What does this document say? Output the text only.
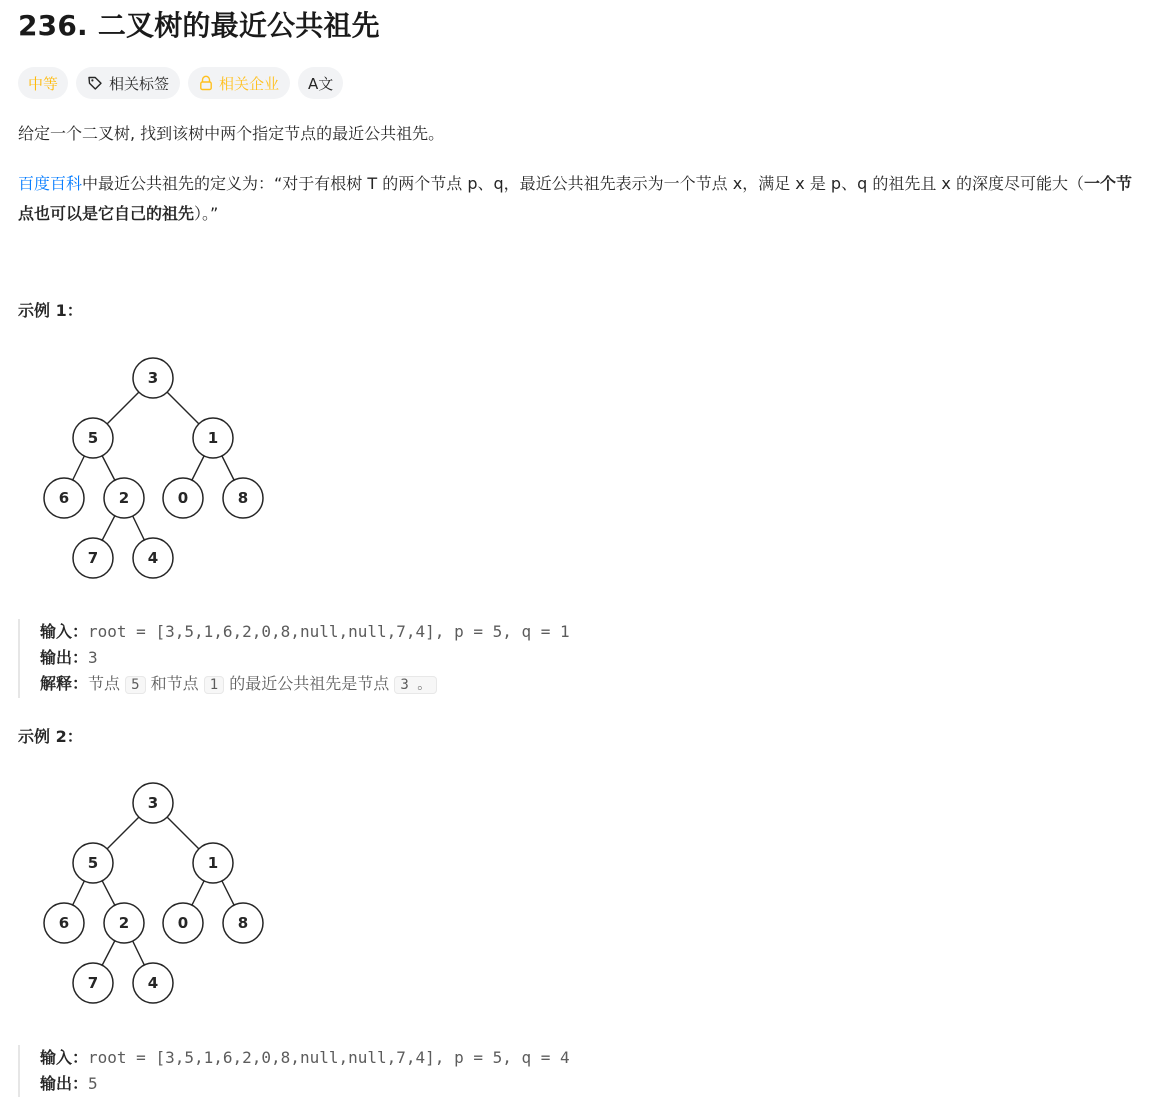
236. 二叉树的最近公共祖先
中等	相关标签	相关企业 A文

给定一个二叉树, 找到该树中两个指定节点的最近公共祖先。

百度百科中最近公共祖先的定义为：“对于有根树 T 的两个节点 p、q，最近公共祖先表示为一个节点 x，满足 x 是 p、q 的祖先且 x 的深度尽可能大（一个节点也可以是它自己的祖先）。”

示例 1：
3
5	1
6	2	0	8
7	4
输入：root = [3,5,1,6,2,0,8,null,null,7,4], p = 5, q = 1
输出：3
解释：节点 5 和节点 1 的最近公共祖先是节点 3 。
示例 2：
3
5	1
6	2	0	8
7	4
输入：root = [3,5,1,6,2,0,8,null,null,7,4], p = 5, q = 4
输出：5
